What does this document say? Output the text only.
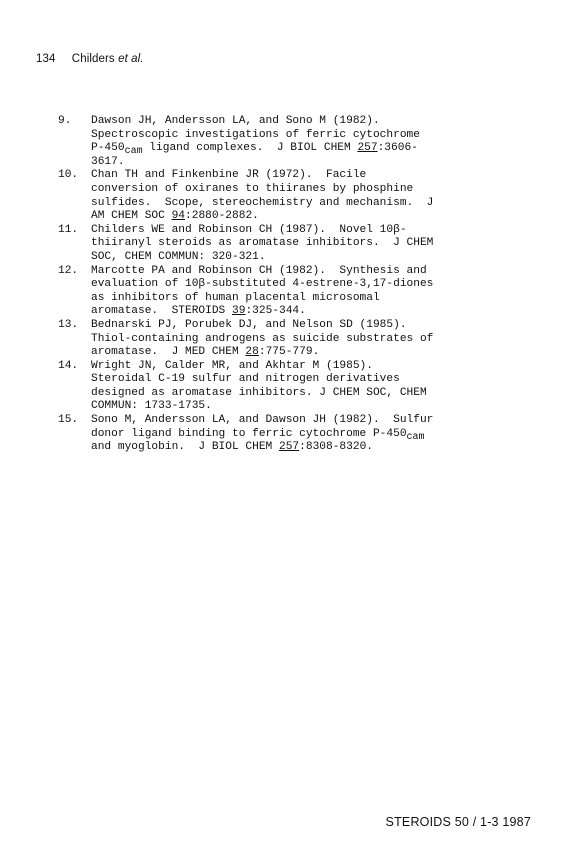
134 Childers et al.
9. Dawson JH, Andersson LA, and Sono M (1982).
Spectroscopic investigations of ferric cytochrome
$P-450_{cam}$ ligand complexes.  J BIOL CHEM 257:3606-
3617.
10. Chan TH and Finkenbine JR (1972).  Facile
conversion of oxiranes to thiiranes by phosphine
sulfides.  Scope, stereochemistry and mechanism.  J
AM CHEM SOC 94:2880-2882.
11. Childers WE and Robinson CH (1987).  Novel 10β-
thiiranyl steroids as aromatase inhibitors.  J CHEM
SOC, CHEM COMMUN: 320-321.
12. Marcotte PA and Robinson CH (1982).  Synthesis and
evaluation of 10β-substituted 4-estrene-3,17-diones
as inhibitors of human placental microsomal
aromatase.  STEROIDS 39:325-344.
13. Bednarski PJ, Porubek DJ, and Nelson SD (1985).
Thiol-containing androgens as suicide substrates of
aromatase.  J MED CHEM 28:775-779.
14. Wright JN, Calder MR, and Akhtar M (1985).
Steroidal C-19 sulfur and nitrogen derivatives
designed as aromatase inhibitors. J CHEM SOC, CHEM
COMMUN: 1733-1735.
15. Sono M, Andersson LA, and Dawson JH (1982).  Sulfur
donor ligand binding to ferric cytochrome $P-450_{cam}$
and myoglobin.  J BIOL CHEM 257:8308-8320.
STEROIDS 50 / 1-3 1987
